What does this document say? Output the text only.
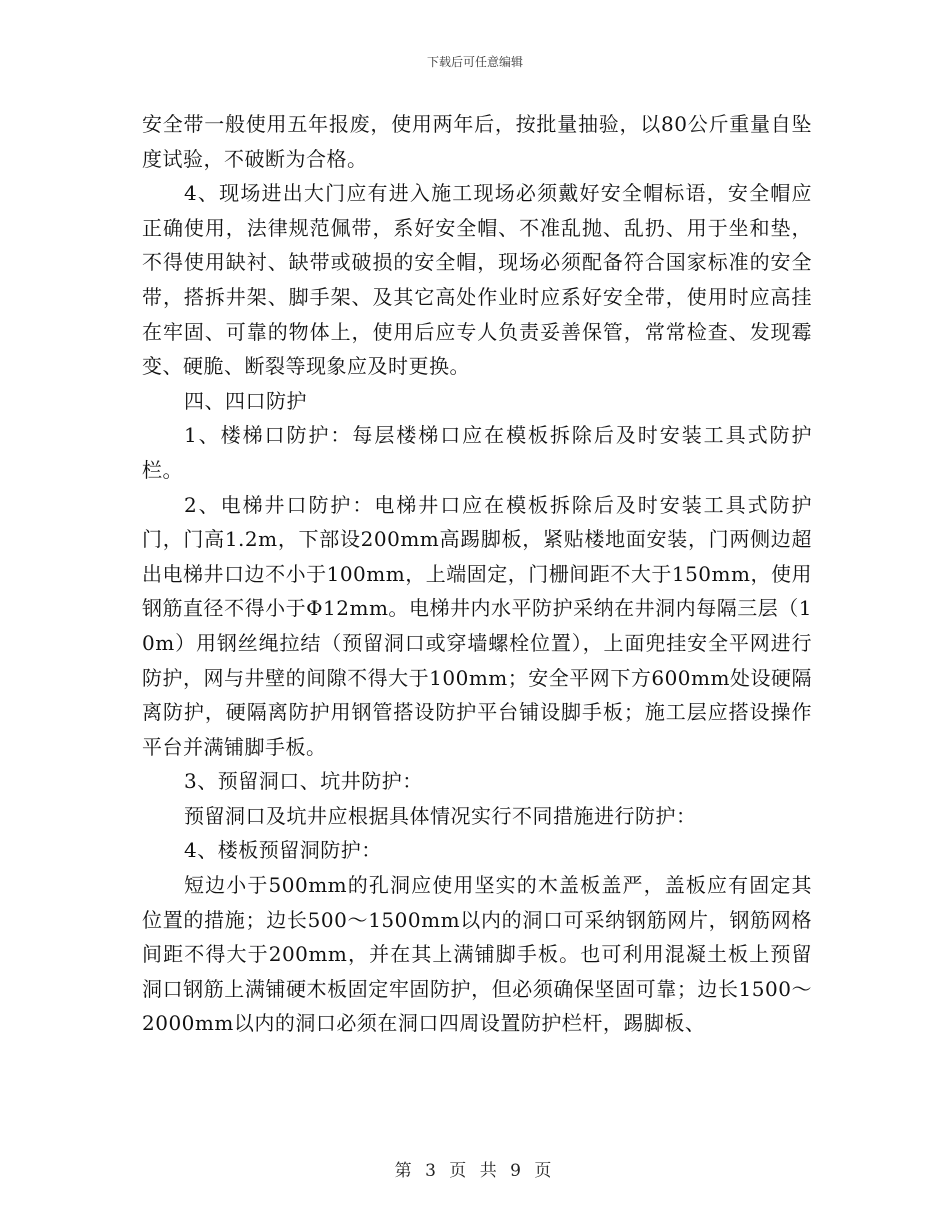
下载后可任意编辑

安全带一般使用五年报废，使用两年后，按批量抽验，以80公斤重量自坠度试验，不破断为合格。

4、现场进出大门应有进入施工现场必须戴好安全帽标语，安全帽应正确使用，法律规范佩带，系好安全帽、不准乱抛、乱扔、用于坐和垫，不得使用缺衬、缺带或破损的安全帽，现场必须配备符合国家标准的安全带，搭拆井架、脚手架、及其它高处作业时应系好安全带，使用时应高挂在牢固、可靠的物体上，使用后应专人负责妥善保管，常常检查、发现霉变、硬脆、断裂等现象应及时更换。

四、四口防护

1、楼梯口防护：每层楼梯口应在模板拆除后及时安装工具式防护栏。

2、电梯井口防护：电梯井口应在模板拆除后及时安装工具式防护门，门高1.2m，下部设200mm高踢脚板，紧贴楼地面安装，门两侧边超出电梯井口边不小于100mm，上端固定，门栅间距不大于150mm，使用钢筋直径不得小于Φ12mm。电梯井内水平防护采纳在井洞内每隔三层（10m）用钢丝绳拉结（预留洞口或穿墙螺栓位置），上面兜挂安全平网进行防护，网与井壁的间隙不得大于100mm；安全平网下方600mm处设硬隔离防护，硬隔离防护用钢管搭设防护平台铺设脚手板；施工层应搭设操作平台并满铺脚手板。

3、预留洞口、坑井防护：

预留洞口及坑井应根据具体情况实行不同措施进行防护：

4、楼板预留洞防护：

短边小于500mm的孔洞应使用坚实的木盖板盖严，盖板应有固定其位置的措施；边长500～1500mm以内的洞口可采纳钢筋网片，钢筋网格间距不得大于200mm，并在其上满铺脚手板。也可利用混凝土板上预留洞口钢筋上满铺硬木板固定牢固防护，但必须确保坚固可靠；边长1500～2000mm以内的洞口必须在洞口四周设置防护栏杆，踢脚板、

第 3 页 共 9 页
